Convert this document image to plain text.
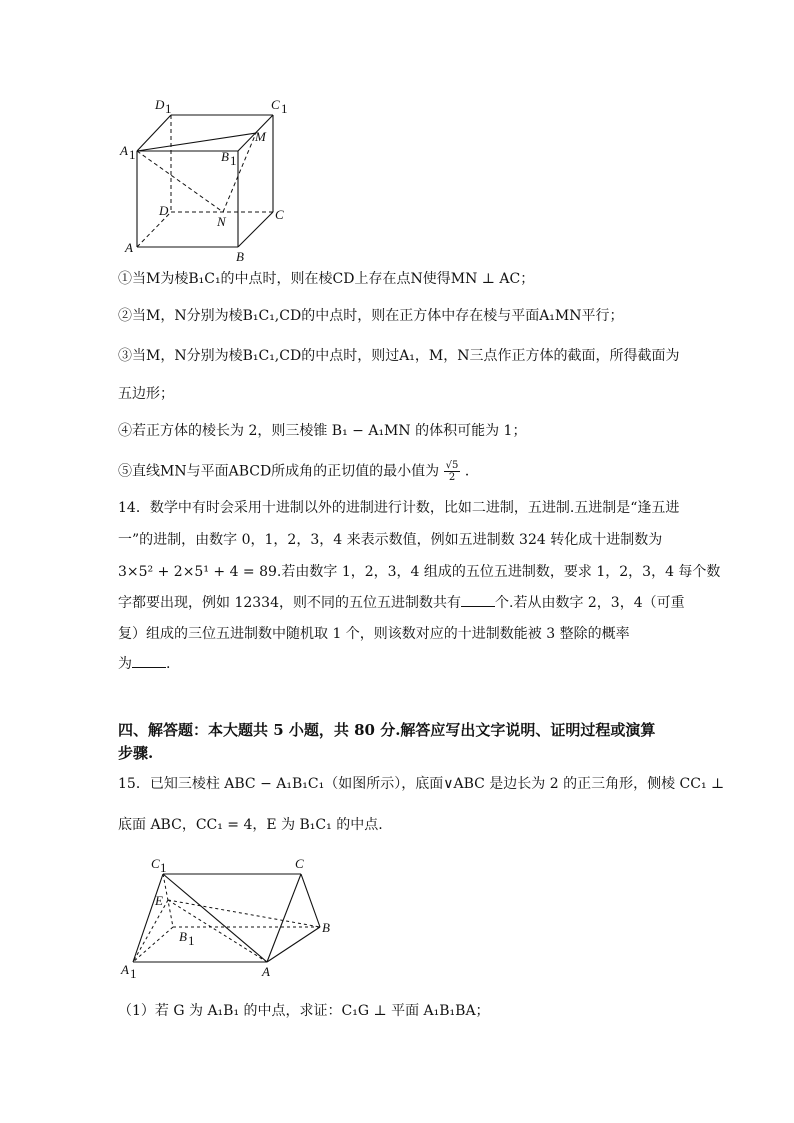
D 1	C 1
A 1
M
B 1
D
N	C
A
B
①当M为棱B₁C₁的中点时，则在棱CD上存在点N使得MN ⊥ AC；
②当M，N分别为棱B₁C₁,CD的中点时，则在正方体中存在棱与平面A₁MN平行；
③当M，N分别为棱B₁C₁,CD的中点时，则过A₁，M，N三点作正方体的截面，所得截面为
五边形；
④若正方体的棱长为 2，则三棱锥 B₁ − A₁MN 的体积可能为 1；
⑤直线MN与平面ABCD所成角的正切值的最小值为 $\frac{√5}{2}$ ．
14．数学中有时会采用十进制以外的进制进行计数，比如二进制，五进制.五进制是“逢五进
一”的进制，由数字 0，1，2，3，4 来表示数值，例如五进制数 324 转化成十进制数为
3×5² + 2×5¹ + 4 = 89.若由数字 1，2，3，4 组成的五位五进制数，要求 1，2，3，4 每个数
字都要出现，例如 12334，则不同的五位五进制数共有 个.若从由数字 2，3，4（可重
复）组成的三位五进制数中随机取 1 个，则该数对应的十进制数能被 3 整除的概率
为 .
四、解答题：本大题共 5 小题，共 80 分.解答应写出文字说明、证明过程或演算
步骤.
15．已知三棱柱 ABC − A₁B₁C₁（如图所示），底面∨ABC 是边长为 2 的正三角形，侧棱 CC₁ ⊥
底面 ABC，CC₁ = 4，E 为 B₁C₁ 的中点.
C 1	C
E
B 1
B
A 1	A
（1）若 G 为 A₁B₁ 的中点，求证：C₁G ⊥ 平面 A₁B₁BA；
